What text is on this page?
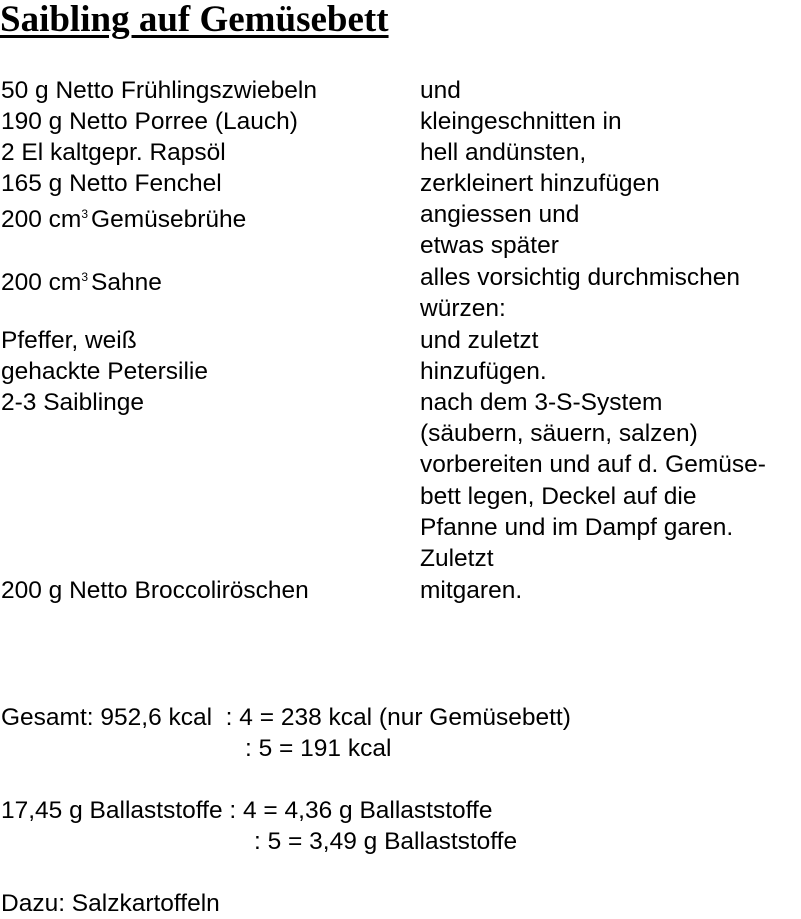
Saibling auf Gemüsebett
50 g Netto Frühlingszwiebeln	und
190 g Netto Porree (Lauch)	kleingeschnitten in
2 El kaltgepr. Rapsöl	hell andünsten,
165 g Netto Fenchel	zerkleinert hinzufügen
200 $cm^3$ Gemüsebrühe	angiessen und
etwas später
200 $cm^3$ Sahne	alles vorsichtig durchmischen
würzen:
Pfeffer, weiß	und zuletzt
gehackte Petersilie	hinzufügen.
2-3 Saiblinge	nach dem 3-S-System
(säubern, säuern, salzen)
vorbereiten und auf d. Gemüse-
bett legen, Deckel auf die
Pfanne und im Dampf garen.
Zuletzt
200 g Netto Broccoliröschen	mitgaren.
Gesamt: 952,6 kcal  : 4 = 238 kcal (nur Gemüsebett)
: 5 = 191 kcal
17,45 g Ballaststoffe : 4 = 4,36 g Ballaststoffe
: 5 = 3,49 g Ballaststoffe
Dazu: Salzkartoffeln
